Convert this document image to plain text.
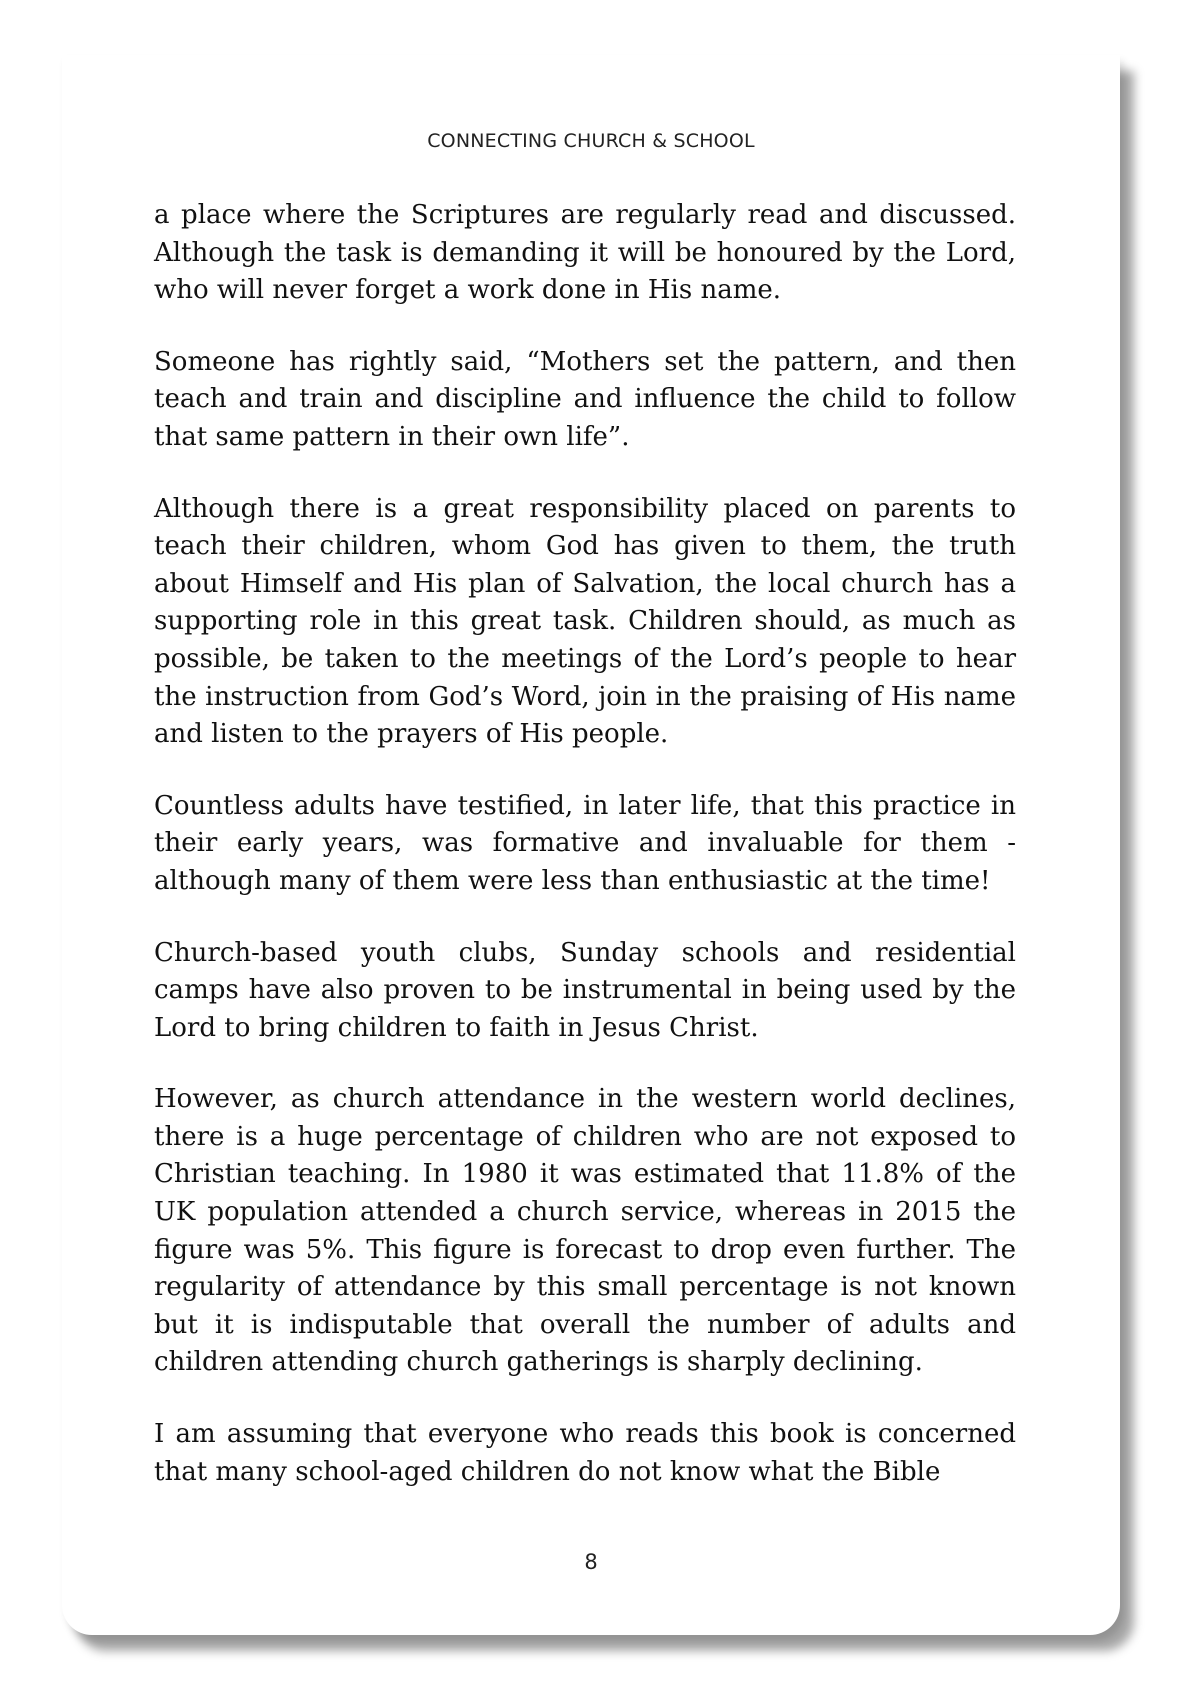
CONNECTING CHURCH & SCHOOL

a place where the Scriptures are regularly read and discussed. Although the task is demanding it will be honoured by the Lord, who will never forget a work done in His name.

Someone has rightly said, “Mothers set the pattern, and then teach and train and discipline and influence the child to follow that same pattern in their own life”.

Although there is a great responsibility placed on parents to teach their children, whom God has given to them, the truth about Himself and His plan of Salvation, the local church has a supporting role in this great task. Children should, as much as possible, be taken to the meetings of the Lord’s people to hear the instruction from God’s Word, join in the praising of His name and listen to the prayers of His people.

Countless adults have testified, in later life, that this practice in their early years, was formative and invaluable for them - although many of them were less than enthusiastic at the time!

Church-based youth clubs, Sunday schools and residential camps have also proven to be instrumental in being used by the Lord to bring children to faith in Jesus Christ.

However, as church attendance in the western world declines, there is a huge percentage of children who are not exposed to Christian teaching. In 1980 it was estimated that 11.8% of the UK population attended a church service, whereas in 2015 the figure was 5%. This figure is forecast to drop even further. The regularity of attendance by this small percentage is not known but it is indisputable that overall the number of adults and children attending church gatherings is sharply declining.

I am assuming that everyone who reads this book is concerned that many school-aged children do not know what the Bible

8
